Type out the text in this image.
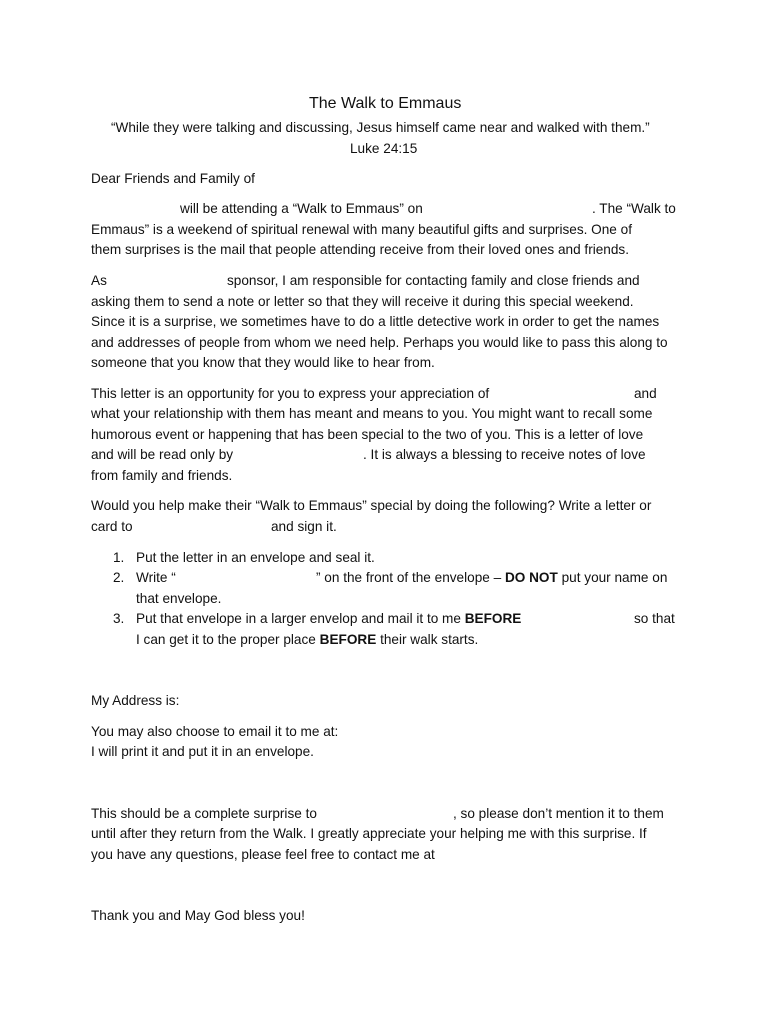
The Walk to Emmaus
“While they were talking and discussing, Jesus himself came near and walked with them.”
Luke 24:15
Dear Friends and Family of
will be attending a “Walk to Emmaus” on	. The “Walk to
Emmaus” is a weekend of spiritual renewal with many beautiful gifts and surprises. One of
them surprises is the mail that people attending receive from their loved ones and friends.
As	sponsor, I am responsible for contacting family and close friends and
asking them to send a note or letter so that they will receive it during this special weekend.
Since it is a surprise, we sometimes have to do a little detective work in order to get the names
and addresses of people from whom we need help. Perhaps you would like to pass this along to
someone that you know that they would like to hear from.
This letter is an opportunity for you to express your appreciation of	and
what your relationship with them has meant and means to you. You might want to recall some
humorous event or happening that has been special to the two of you. This is a letter of love
and will be read only by	. It is always a blessing to receive notes of love
from family and friends.
Would you help make their “Walk to Emmaus” special by doing the following? Write a letter or
card to	and sign it.
1. Put the letter in an envelope and seal it.
2. Write “	” on the front of the envelope – DO NOT put your name on
that envelope.
3. Put that envelope in a larger envelop and mail it to me BEFORE	so that
I can get it to the proper place BEFORE their walk starts.
My Address is:
You may also choose to email it to me at:
I will print it and put it in an envelope.
This should be a complete surprise to	, so please don’t mention it to them
until after they return from the Walk. I greatly appreciate your helping me with this surprise. If
you have any questions, please feel free to contact me at
Thank you and May God bless you!
